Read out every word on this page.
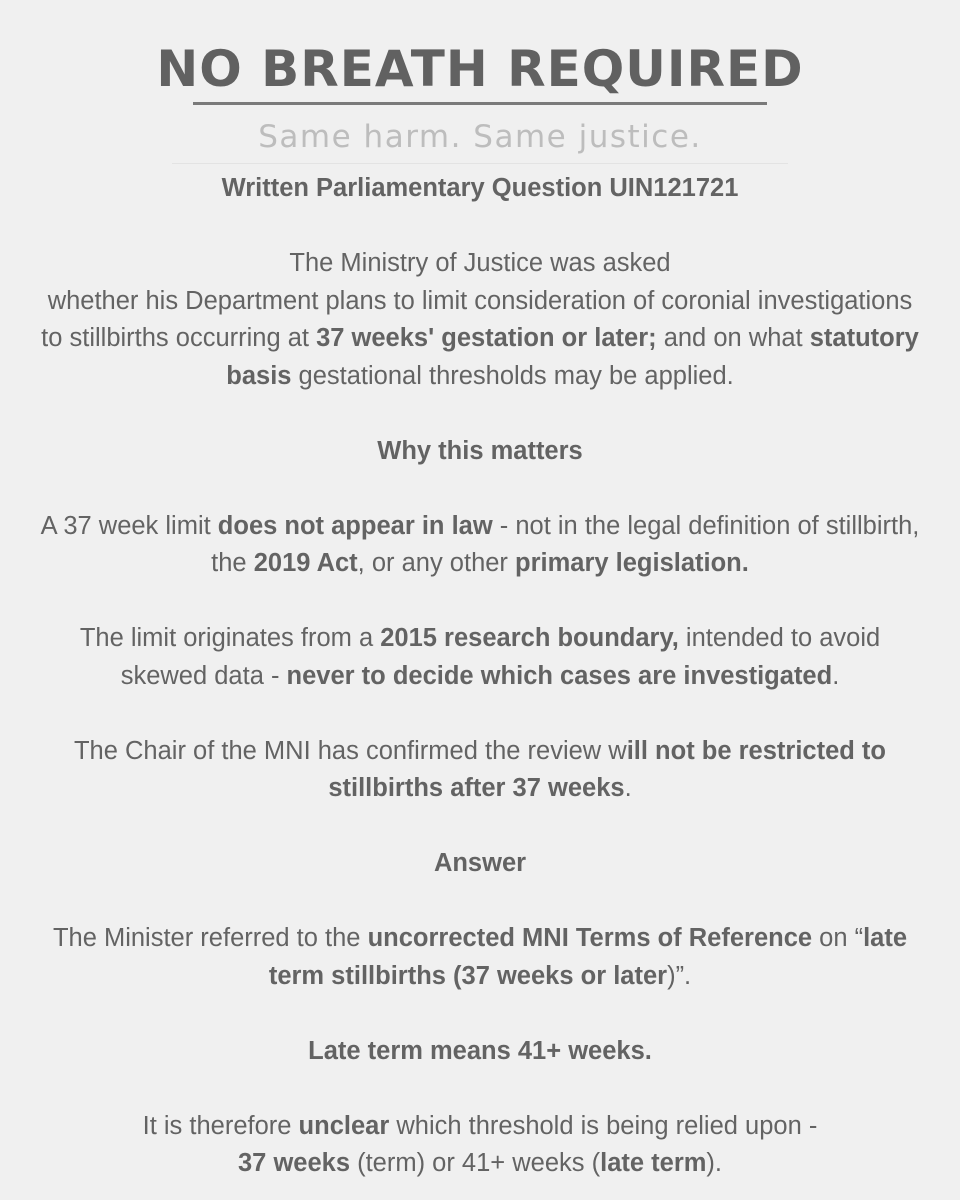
NO BREATH REQUIRED
Same harm. Same justice.

Written Parliamentary Question UIN121721

The Ministry of Justice was asked
whether his Department plans to limit consideration of coronial investigations
to stillbirths occurring at 37 weeks' gestation or later; and on what statutory
basis gestational thresholds may be applied.

Why this matters

A 37 week limit does not appear in law - not in the legal definition of stillbirth,
the 2019 Act, or any other primary legislation.

The limit originates from a 2015 research boundary, intended to avoid
skewed data - never to decide which cases are investigated.

The Chair of the MNI has confirmed the review will not be restricted to
stillbirths after 37 weeks.

Answer

The Minister referred to the uncorrected MNI Terms of Reference on “late
term stillbirths (37 weeks or later)”.

Late term means 41+ weeks.

It is therefore unclear which threshold is being relied upon -
37 weeks (term) or 41+ weeks (late term).
